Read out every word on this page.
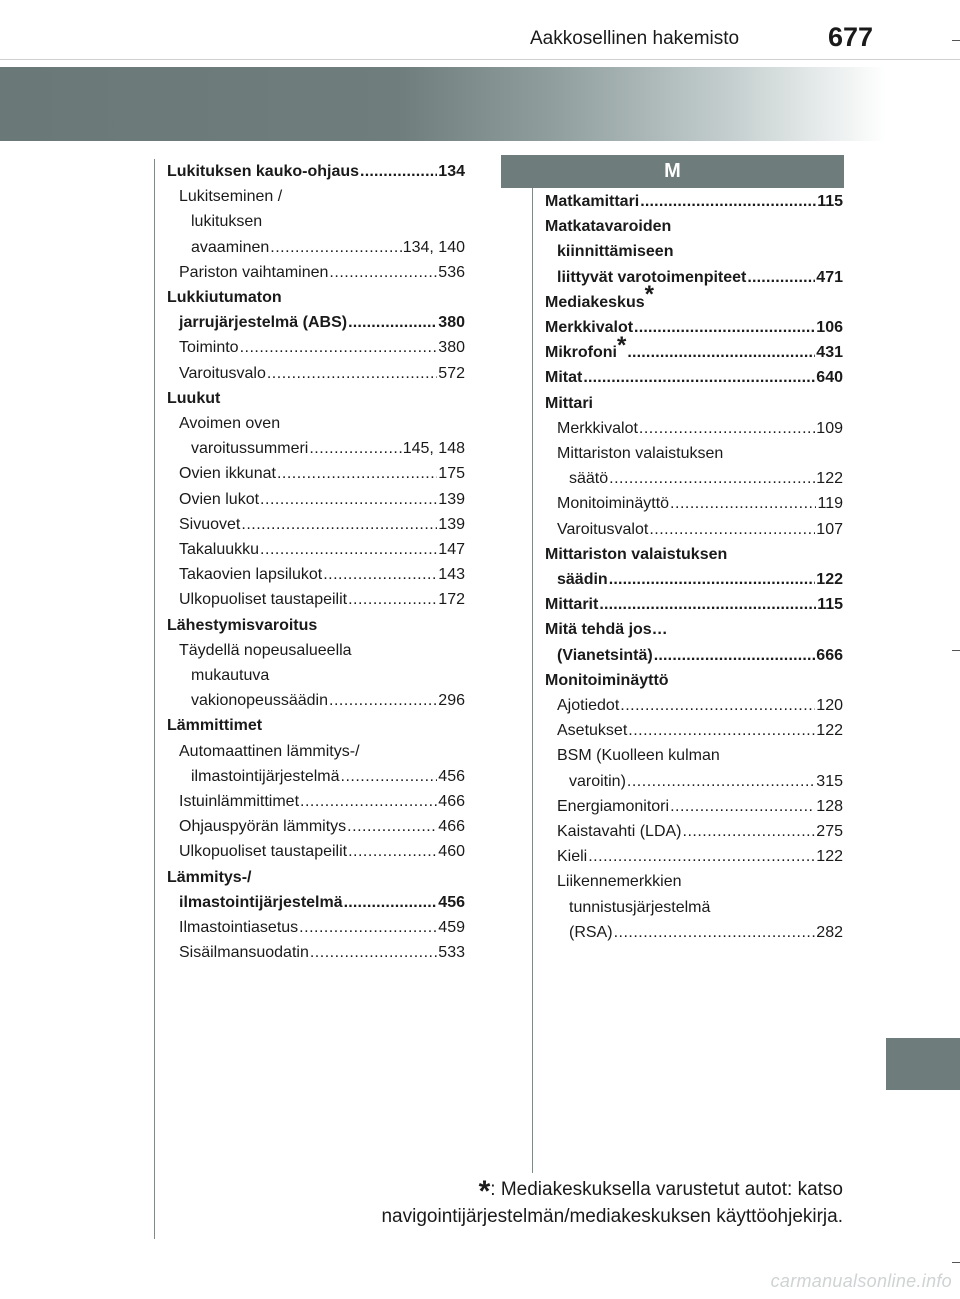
Aakkosellinen hakemisto	677
Lukituksen kauko-ohjaus .....	134
Lukitseminen /
lukituksen
avaaminen .....	134, 140
Pariston vaihtaminen .....	536
Lukkiutumaton
jarrujärjestelmä (ABS) .....	380
Toiminto .....	380
Varoitusvalo .....	572
Luukut
Avoimen oven
varoitussummeri .....	145, 148
Ovien ikkunat .....	175
Ovien lukot .....	139
Sivuovet .....	139
Takaluukku .....	147
Takaovien lapsilukot .....	143
Ulkopuoliset taustapeilit .....	172
Lähestymisvaroitus
Täydellä nopeusalueella
mukautuva
vakionopeussäädin .....	296
Lämmittimet
Automaattinen lämmitys-/
ilmastointijärjestelmä .....	456
Istuinlämmittimet .....	466
Ohjauspyörän lämmitys .....	466
Ulkopuoliset taustapeilit .....	460
Lämmitys-/
ilmastointijärjestelmä .....	456
Ilmastointiasetus .....	459
Sisäilmansuodatin .....	533
M
Matkamittari .....	115
Matkatavaroiden
kiinnittämiseen
liittyvät varotoimenpiteet .....	471
Mediakeskus*
Merkkivalot .....	106
Mikrofoni* .....	431
Mitat .....	640
Mittari
Merkkivalot .....	109
Mittariston valaistuksen
säätö .....	122
Monitoiminäyttö .....	119
Varoitusvalot .....	107
Mittariston valaistuksen
säädin .....	122
Mittarit .....	115
Mitä tehdä jos…
(Vianetsintä) .....	666
Monitoiminäyttö
Ajotiedot .....	120
Asetukset .....	122
BSM (Kuolleen kulman
varoitin) .....	315
Energiamonitori .....	128
Kaistavahti (LDA) .....	275
Kieli .....	122
Liikennemerkkien
tunnistusjärjestelmä
(RSA) .....	282
*: Mediakeskuksella varustetut autot: katso
navigointijärjestelmän/mediakeskuksen käyttöohjekirja.
carmanualsonline.info
